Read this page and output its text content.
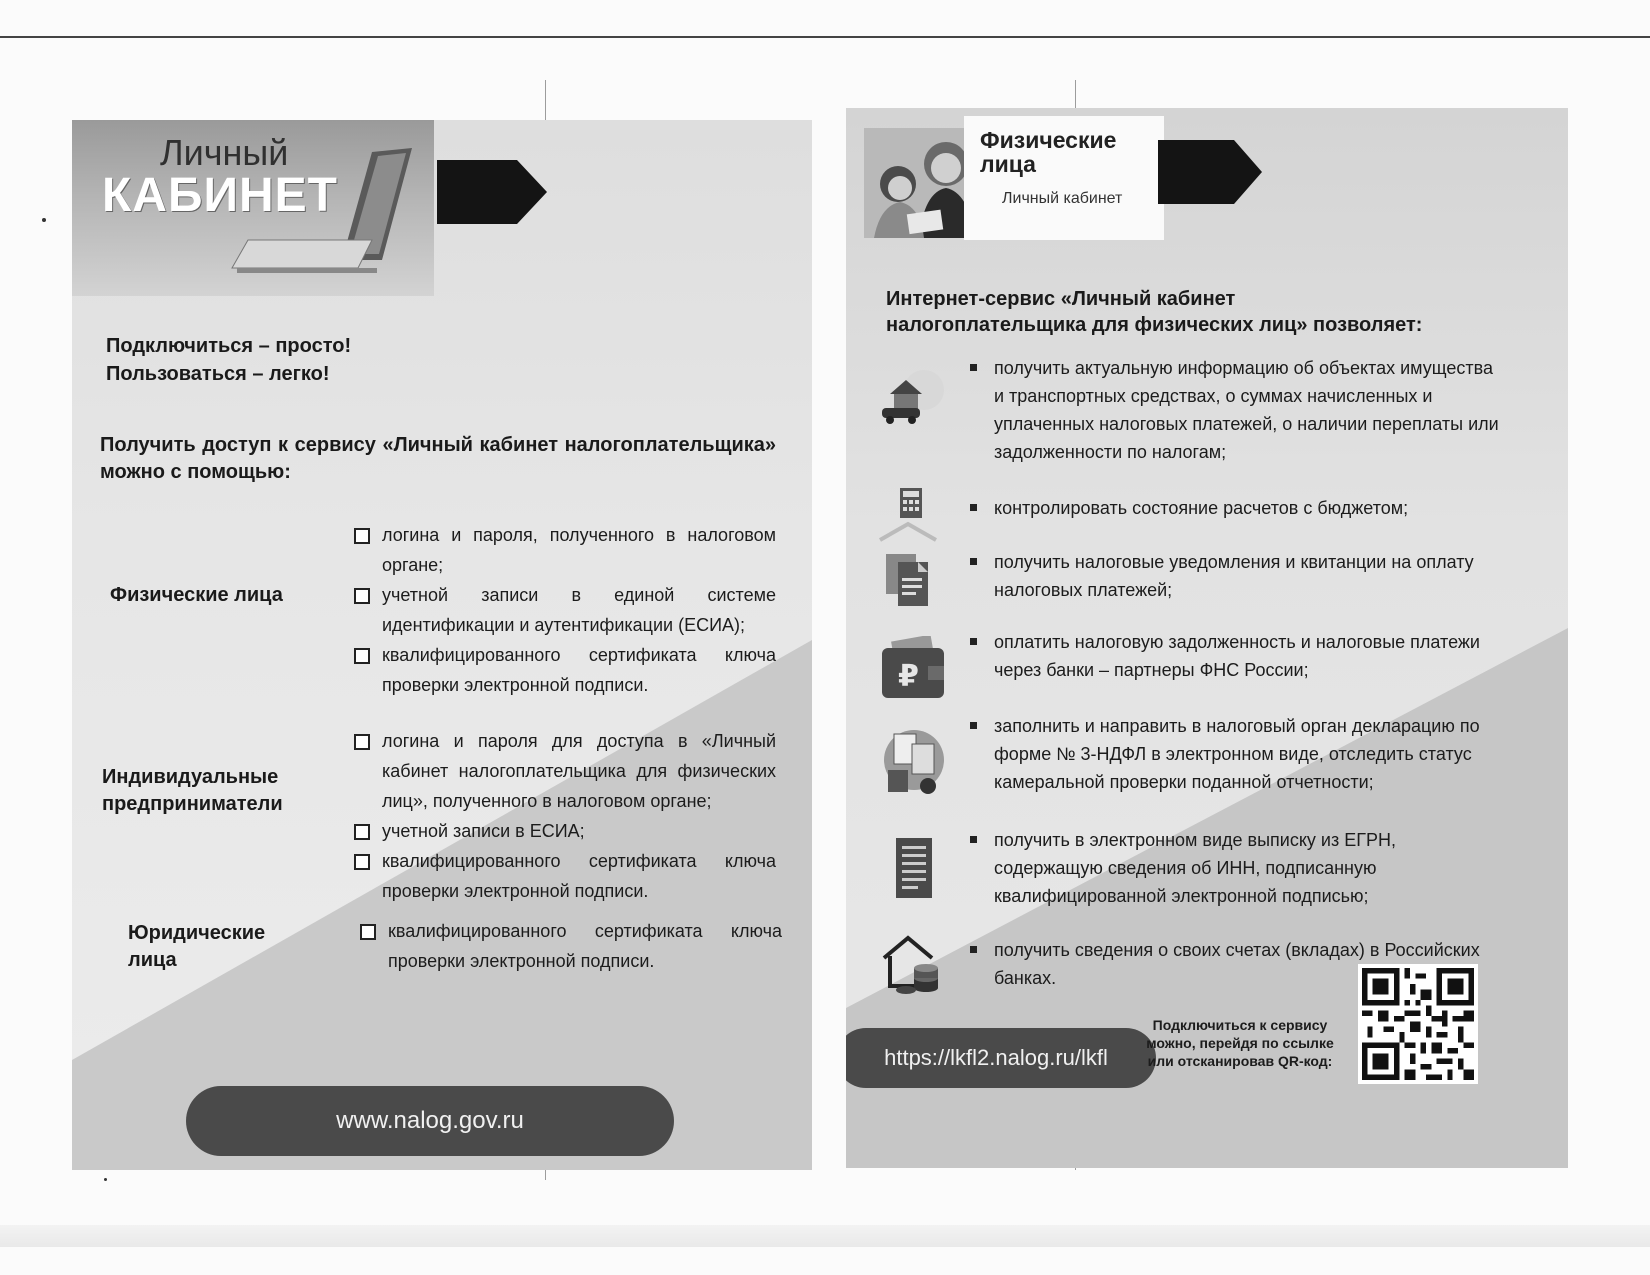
Личный
КАБИНЕТ
Подключиться – просто!
Пользоваться – легко!
Получить доступ к сервису «Личный кабинет налогоплательщика» можно с помощью:
Физические лица
логина и пароля, полученного в налоговом органе;
учетной записи в единой системе идентификации и аутентификации (ЕСИА);
квалифицированного сертификата ключа проверки электронной подписи.
Индивидуальные
предприниматели
логина и пароля для доступа в «Личный кабинет налогоплательщика для физических лиц», полученного в налоговом органе;
учетной записи в ЕСИА;
квалифицированного сертификата ключа проверки электронной подписи.
Юридические
лица
квалифицированного сертификата ключа проверки электронной подписи.
www.nalog.gov.ru
Физические
лица
Личный кабинет
Интернет-сервис «Личный кабинет
налогоплательщика для физических лиц» позволяет:
получить актуальную информацию об объектах имущества и транспортных средствах, о суммах начисленных и уплаченных налоговых платежей, о наличии переплаты или задолженности по налогам;
контролировать состояние расчетов с бюджетом;
получить налоговые уведомления и квитанции на оплату налоговых платежей;
₽
оплатить налоговую задолженность и налоговые платежи через банки – партнеры ФНС России;
заполнить и направить в налоговый орган декларацию по форме № 3-НДФЛ в электронном виде, отследить статус камеральной проверки поданной отчетности;
получить в электронном виде выписку из ЕГРН, содержащую сведения об ИНН, подписанную квалифицированной электронной подписью;
получить сведения о своих счетах (вкладах) в Российских банках.
https://lkfl2.nalog.ru/lkfl
Подключиться к сервису можно, перейдя по ссылке или отсканировав QR-код:
